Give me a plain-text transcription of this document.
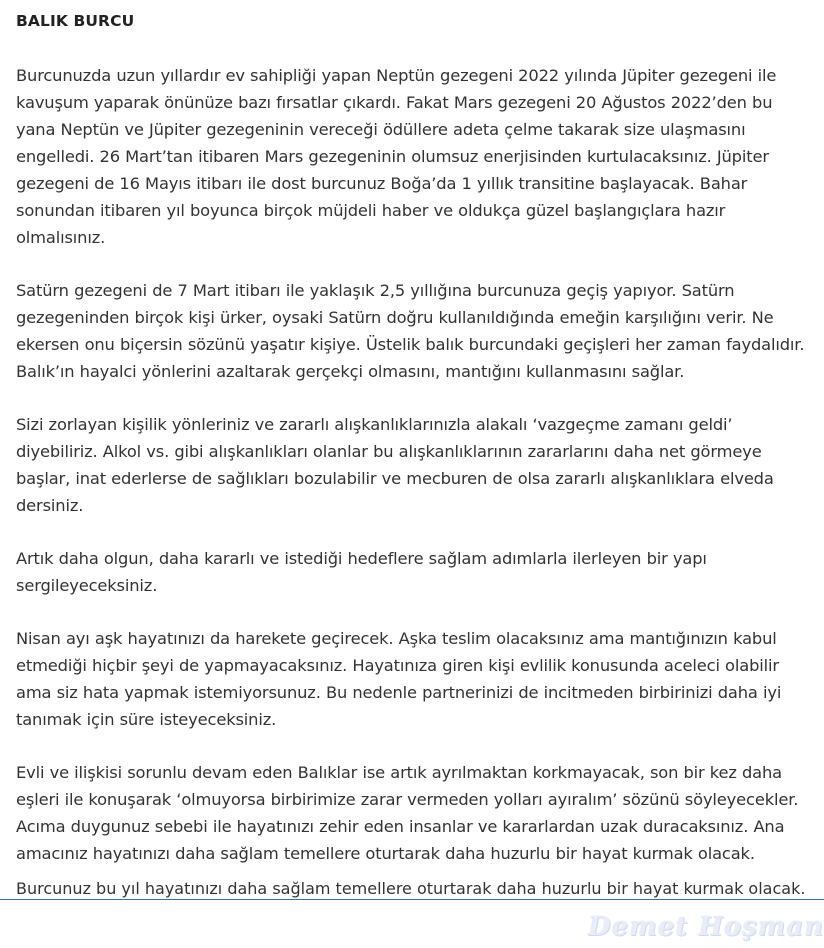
BALIK BURCU

Burcunuzda uzun yıllardır ev sahipliği yapan Neptün gezegeni 2022 yılında Jüpiter gezegeni ile kavuşum yaparak önünüze bazı fırsatlar çıkardı. Fakat Mars gezegeni 20 Ağustos 2022’den bu yana Neptün ve Jüpiter gezegeninin vereceği ödüllere adeta çelme takarak size ulaşmasını engelledi. 26 Mart’tan itibaren Mars gezegeninin olumsuz enerjisinden kurtulacaksınız. Jüpiter gezegeni de 16 Mayıs itibarı ile dost burcunuz Boğa’da 1 yıllık transitine başlayacak. Bahar sonundan itibaren yıl boyunca birçok müjdeli haber ve oldukça güzel başlangıçlara hazır olmalısınız.

Satürn gezegeni de 7 Mart itibarı ile yaklaşık 2,5 yıllığına burcunuza geçiş yapıyor. Satürn gezegeninden birçok kişi ürker, oysaki Satürn doğru kullanıldığında emeğin karşılığını verir. Ne ekersen onu biçersin sözünü yaşatır kişiye. Üstelik balık burcundaki geçişleri her zaman faydalıdır. Balık’ın hayalci yönlerini azaltarak gerçekçi olmasını, mantığını kullanmasını sağlar.

Sizi zorlayan kişilik yönleriniz ve zararlı alışkanlıklarınızla alakalı ‘vazgeçme zamanı geldi’ diyebiliriz. Alkol vs. gibi alışkanlıkları olanlar bu alışkanlıklarının zararlarını daha net görmeye başlar, inat ederlerse de sağlıkları bozulabilir ve mecburen de olsa zararlı alışkanlıklara elveda dersiniz.

Artık daha olgun, daha kararlı ve istediği hedeflere sağlam adımlarla ilerleyen bir yapı sergileyeceksiniz.

Nisan ayı aşk hayatınızı da harekete geçirecek. Aşka teslim olacaksınız ama mantığınızın kabul etmediği hiçbir şeyi de yapmayacaksınız. Hayatınıza giren kişi evlilik konusunda aceleci olabilir ama siz hata yapmak istemiyorsunuz. Bu nedenle partnerinizi de incitmeden birbirinizi daha iyi tanımak için süre isteyeceksiniz.

Evli ve ilişkisi sorunlu devam eden Balıklar ise artık ayrılmaktan korkmayacak, son bir kez daha eşleri ile konuşarak ‘olmuyorsa birbirimize zarar vermeden yolları ayıralım’ sözünü söyleyecekler. Acıma duygunuz sebebi ile hayatınızı zehir eden insanlar ve kararlardan uzak duracaksınız. Ana amacınız hayatınızı daha sağlam temellere oturtarak daha huzurlu bir hayat kurmak olacak.

Burcunuz bu yıl hayatınızı daha sağlam temellere oturtarak daha huzurlu bir hayat kurmak olacak.
Demet Hoşman
